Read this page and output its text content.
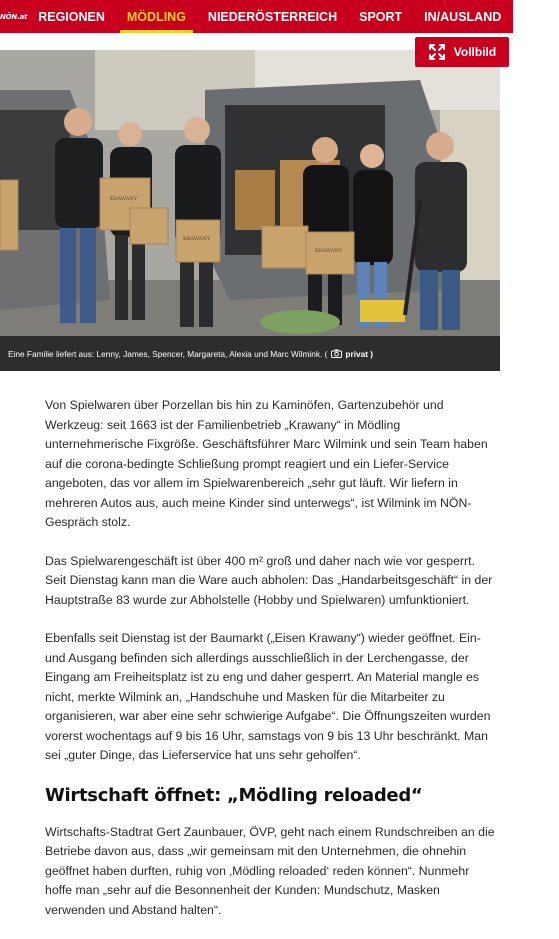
NÖN.at REGIONEN	MÖDLING	NIEDERÖSTERREICH	SPORT	IN/AUSLAND	FRE
KRAWANY
KRAWANY
KRAWANY
Vollbild
Eine Familie liefert aus: Lenny, James, Spencer, Margareta, Alexia und Marc Wilmink. ( privat )

Von Spielwaren über Porzellan bis hin zu Kaminöfen, Gartenzubehör und Werkzeug: seit 1663 ist der Familienbetrieb „Krawany“ in Mödling unternehmerische Fixgröße. Geschäftsführer Marc Wilmink und sein Team haben auf die corona-bedingte Schließung prompt reagiert und ein Liefer-Service angeboten, das vor allem im Spielwarenbereich „sehr gut läuft. Wir liefern in mehreren Autos aus, auch meine Kinder sind unterwegs“, ist Wilmink im NÖN-Gespräch stolz.

Das Spielwarengeschäft ist über 400 m² groß und daher nach wie vor gesperrt. Seit Dienstag kann man die Ware auch abholen: Das „Handarbeitsgeschäft“ in der Hauptstraße 83 wurde zur Abholstelle (Hobby und Spielwaren) umfunktioniert.

Ebenfalls seit Dienstag ist der Baumarkt („Eisen Krawany“) wieder geöffnet. Ein- und Ausgang befinden sich allerdings ausschließlich in der Lerchengasse, der Eingang am Freiheitsplatz ist zu eng und daher gesperrt. An Material mangle es nicht, merkte Wilmink an, „Handschuhe und Masken für die Mitarbeiter zu organisieren, war aber eine sehr schwierige Aufgabe“. Die Öffnungszeiten wurden vorerst wochentags auf 9 bis 16 Uhr, samstags von 9 bis 13 Uhr beschränkt. Man sei „guter Dinge, das Lieferservice hat uns sehr geholfen“.

Wirtschaft öffnet: „Mödling reloaded“

Wirtschafts-Stadtrat Gert Zaunbauer, ÖVP, geht nach einem Rundschreiben an die Betriebe davon aus, dass „wir gemeinsam mit den Unternehmen, die ohnehin geöffnet haben durften, ruhig von ‚Mödling reloaded‘ reden können“. Nunmehr hoffe man „sehr auf die Besonnenheit der Kunden: Mundschutz, Masken verwenden und Abstand halten“.
